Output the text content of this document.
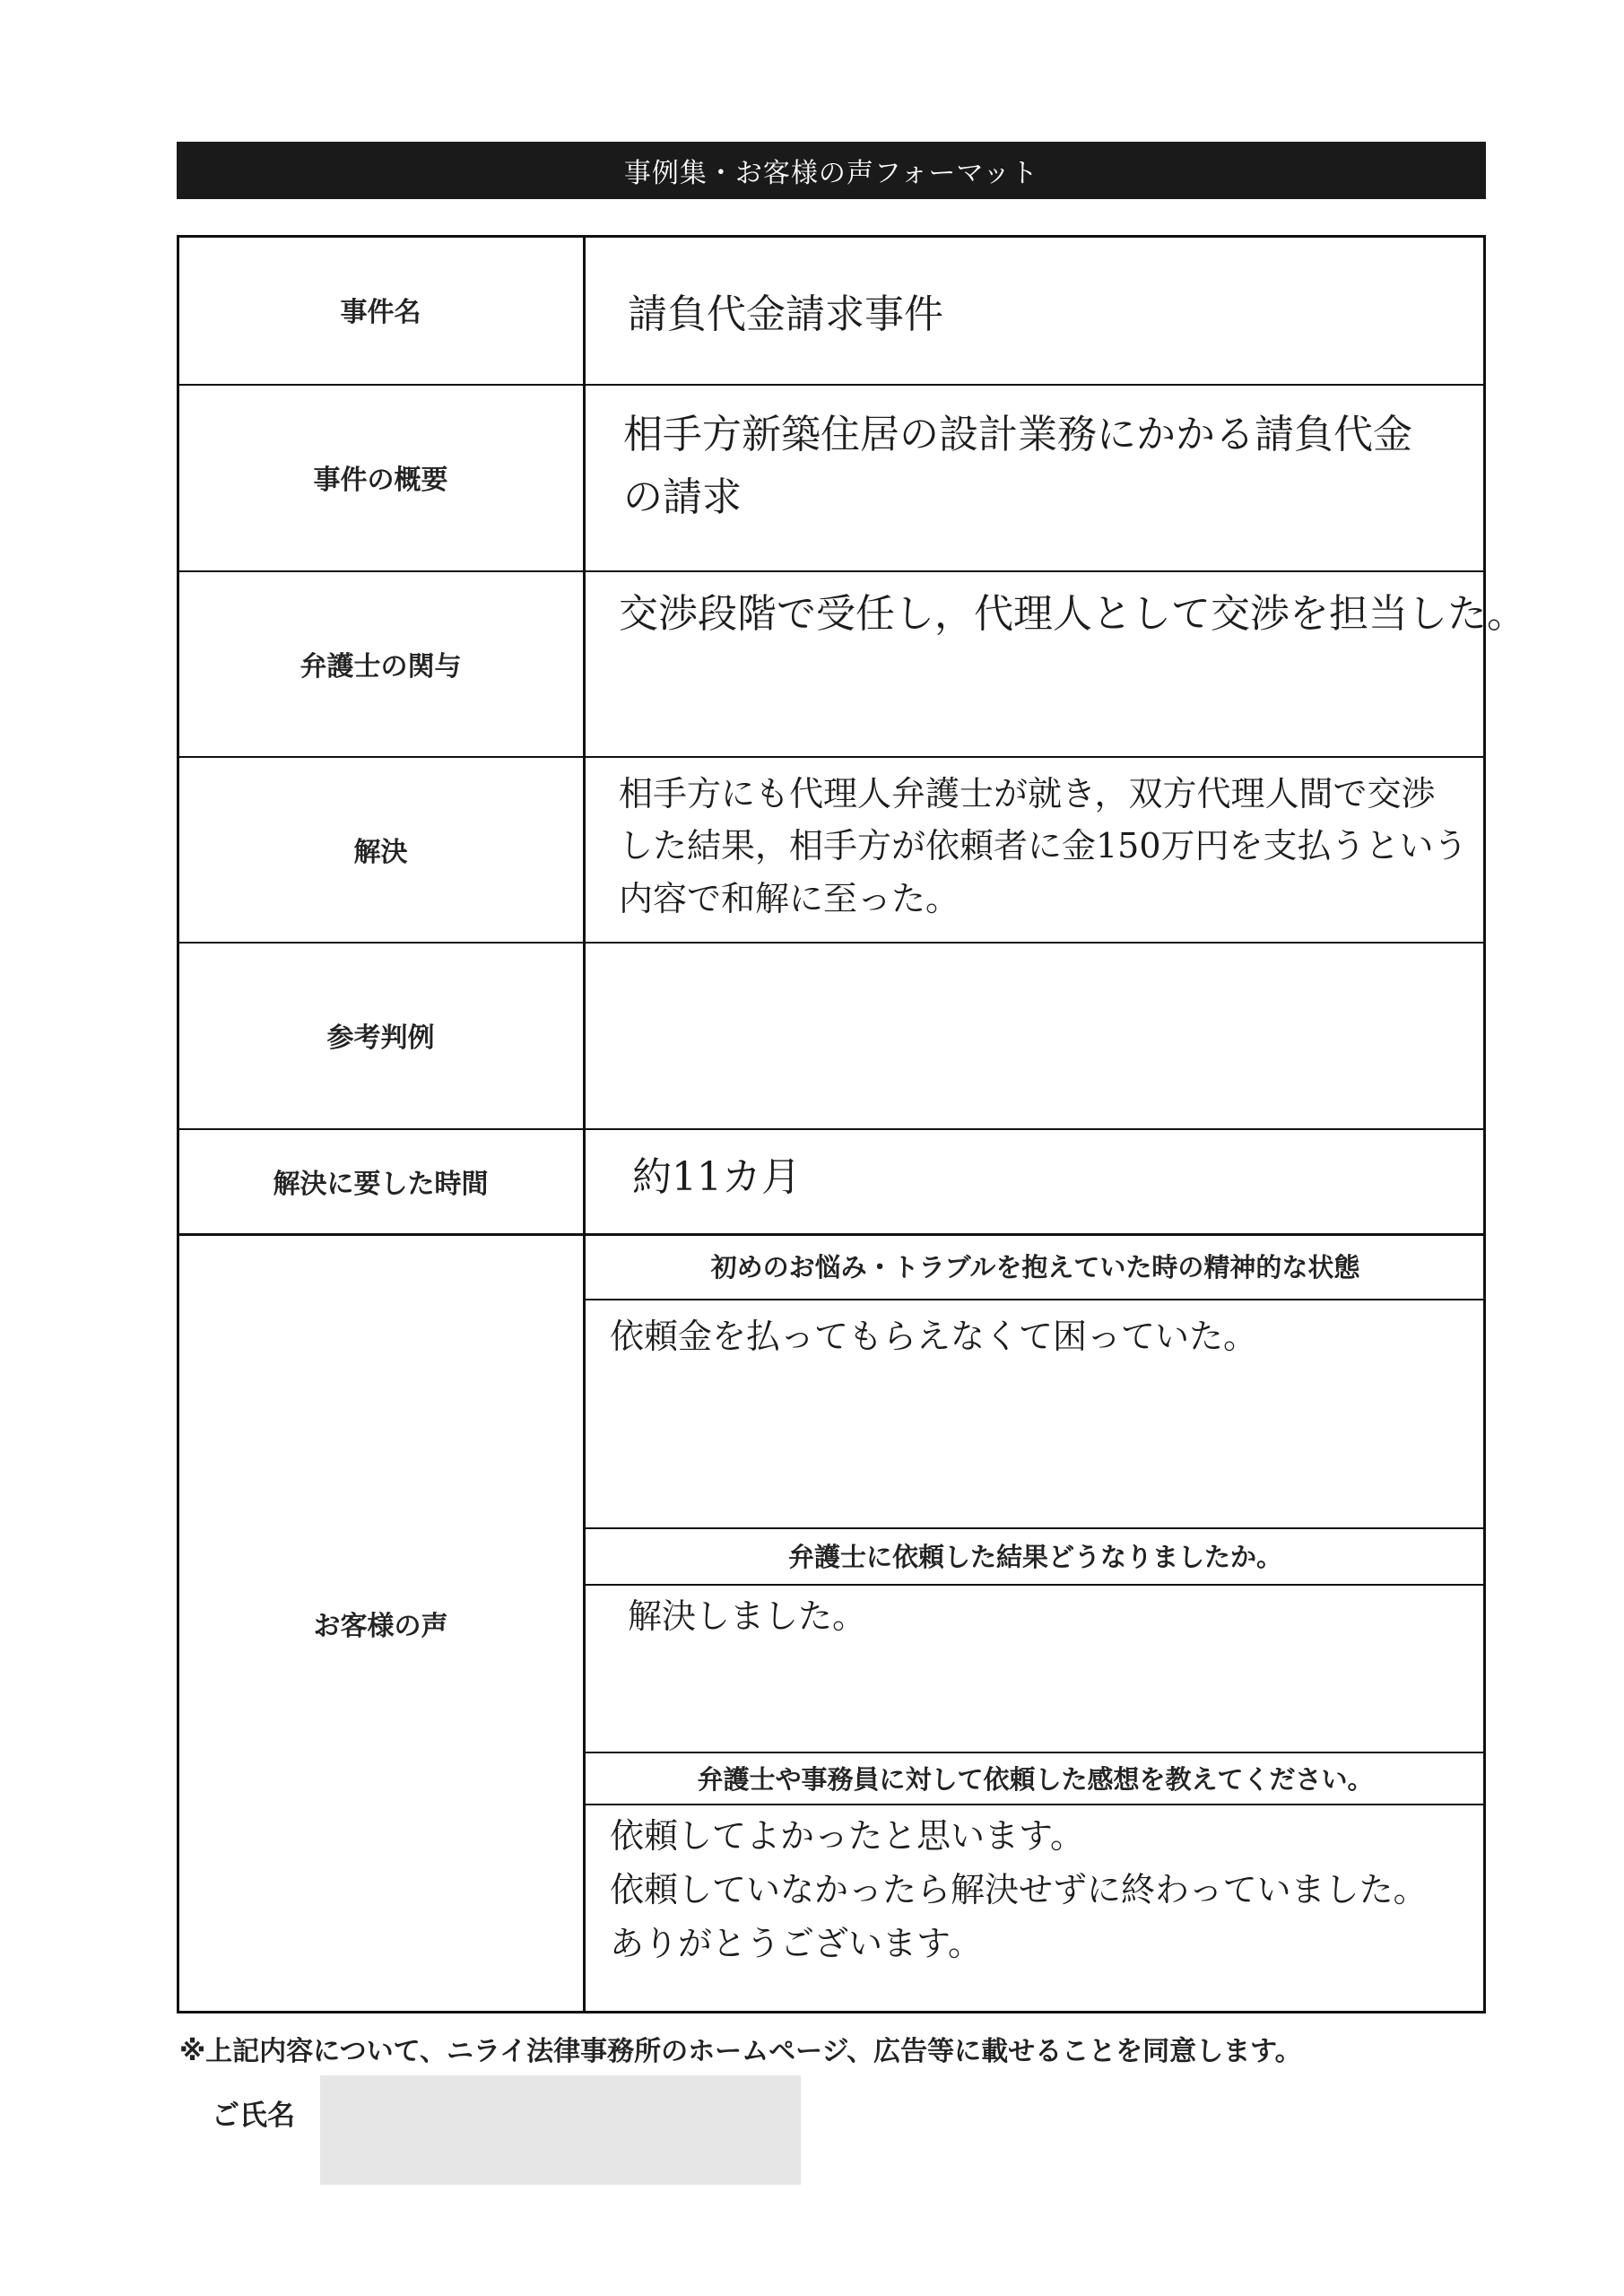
事例集・お客様の声フォーマット
事件名
事件の概要
弁護士の関与
解決
参考判例
解決に要した時間
お客様の声
請負代金請求事件
相手方新築住居の設計業務にかかる請負代金
の請求
交渉段階で受任し，代理人として交渉を担当した。
相手方にも代理人弁護士が就き，双方代理人間で交渉
した結果，相手方が依頼者に金150万円を支払うという
内容で和解に至った。
約11カ月
初めのお悩み・トラブルを抱えていた時の精神的な状態
弁護士に依頼した結果どうなりましたか。
弁護士や事務員に対して依頼した感想を教えてください。
依頼金を払ってもらえなくて困っていた。
解決しました。
依頼してよかったと思います。
依頼していなかったら解決せずに終わっていました。
ありがとうございます。
※上記内容について、ニライ法律事務所のホームページ、広告等に載せることを同意します。
ご氏名
